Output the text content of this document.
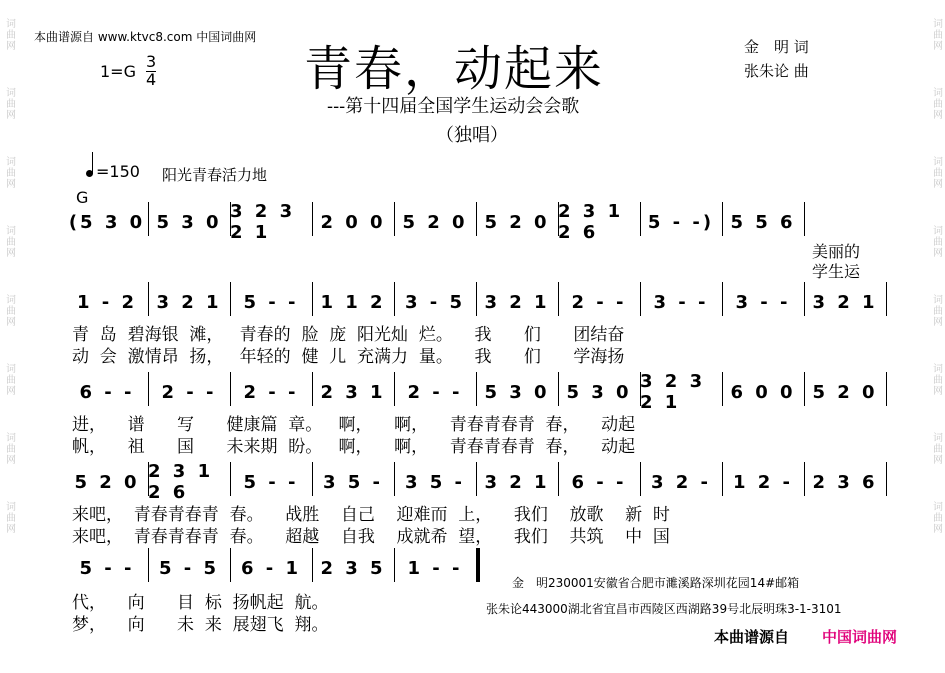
词曲网
词曲网
词曲网
词曲网
词曲网
词曲网
词曲网
词曲网
词曲网
词曲网
词曲网
词曲网
词曲网
词曲网
词曲网
词曲网
本曲谱源自 www.ktvc8.com 中国词曲网
1=G
3
4	青春，动起来
---第十四届全国学生运动会会歌
（独唱）
金　明 词
张朱论 曲
=150 阳光青春活力地
G
(5 3 0 5 3 0 3 2 3 2 1	2 0 0 5 2 0 5 2 0 2 3 1 2 6	5 - -) 5 5 6
1 - 2	3 2 1	5 - -	1 1 2	3 - 5	3 2 1	2 - -	3 - -	3 - -	3 2 1
6 - -	2 - -	2 - -	2 3 1	2 - -	5 3 0 5 3 0 3 2 3 2 1	6 0 0 5 2 0
5 2 0 2 3 1 2 6	5 - -	3 5 -	3 5 -	3 2 1	6 - -	3 2 -	1 2 -	2 3 6
5 - -	5 - 5	6 - 1	2 3 5	1 - -
美丽的
学生运
青  岛  碧海银  滩，   青春的  脸  庞  阳光灿  烂。    我      们      团结奋
动  会  激情昂  扬，   年轻的  健  儿  充满力  量。    我      们      学海扬
进，    谱      写      健康篇  章。   啊，    啊，    青春青春青  春，    动起
帆，    祖      国      未来期  盼。   啊，    啊，    青春青春青  春，    动起
来吧，  青春青春青  春。    战胜    自己    迎难而  上，    我们    放歌    新  时
来吧，  青春青春青  春。    超越    自我    成就希  望，    我们    共筑    中  国
代，    向      目  标  扬帆起  航。
梦，    向      未  来  展翅飞  翔。
金　明230001安徽省合肥市濉溪路深圳花园14#邮箱
张朱论443000湖北省宜昌市西陵区西湖路39号北辰明珠3-1-3101
本曲谱源自 中国词曲网
